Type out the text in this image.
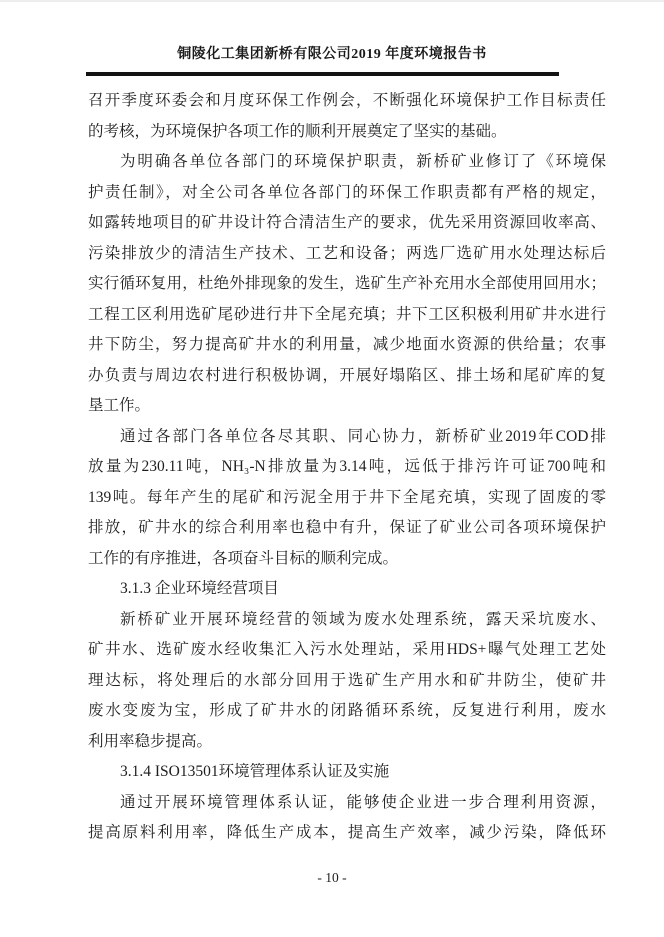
铜陵化工集团新桥有限公司2019 年度环境报告书
召开季度环委会和月度环保工作例会，不断强化环境保护工作目标责任
的考核，为环境保护各项工作的顺利开展奠定了坚实的基础。
为明确各单位各部门的环境保护职责，新桥矿业修订了《环境保
护责任制》，对全公司各单位各部门的环保工作职责都有严格的规定，
如露转地项目的矿井设计符合清洁生产的要求，优先采用资源回收率高、
污染排放少的清洁生产技术、工艺和设备；两选厂选矿用水处理达标后
实行循环复用，杜绝外排现象的发生，选矿生产补充用水全部使用回用水；
工程工区利用选矿尾砂进行井下全尾充填；井下工区积极利用矿井水进行
井下防尘，努力提高矿井水的利用量，减少地面水资源的供给量；农事
办负责与周边农村进行积极协调，开展好塌陷区、排土场和尾矿库的复
垦工作。
通过各部门各单位各尽其职、同心协力，新桥矿业2019年COD排
放量为230.11吨，NH₃-N排放量为3.14吨，远低于排污许可证700吨和
139吨。每年产生的尾矿和污泥全用于井下全尾充填，实现了固废的零
排放，矿井水的综合利用率也稳中有升，保证了矿业公司各项环境保护
工作的有序推进，各项奋斗目标的顺利完成。
3.1.3 企业环境经营项目
新桥矿业开展环境经营的领域为废水处理系统，露天采坑废水、
矿井水、选矿废水经收集汇入污水处理站，采用HDS+曝气处理工艺处
理达标，将处理后的水部分回用于选矿生产用水和矿井防尘，使矿井
废水变废为宝，形成了矿井水的闭路循环系统，反复进行利用，废水
利用率稳步提高。
3.1.4 ISO13501环境管理体系认证及实施
通过开展环境管理体系认证，能够使企业进一步合理利用资源，
提高原料利用率，降低生产成本，提高生产效率，减少污染，降低环
- 10 -
